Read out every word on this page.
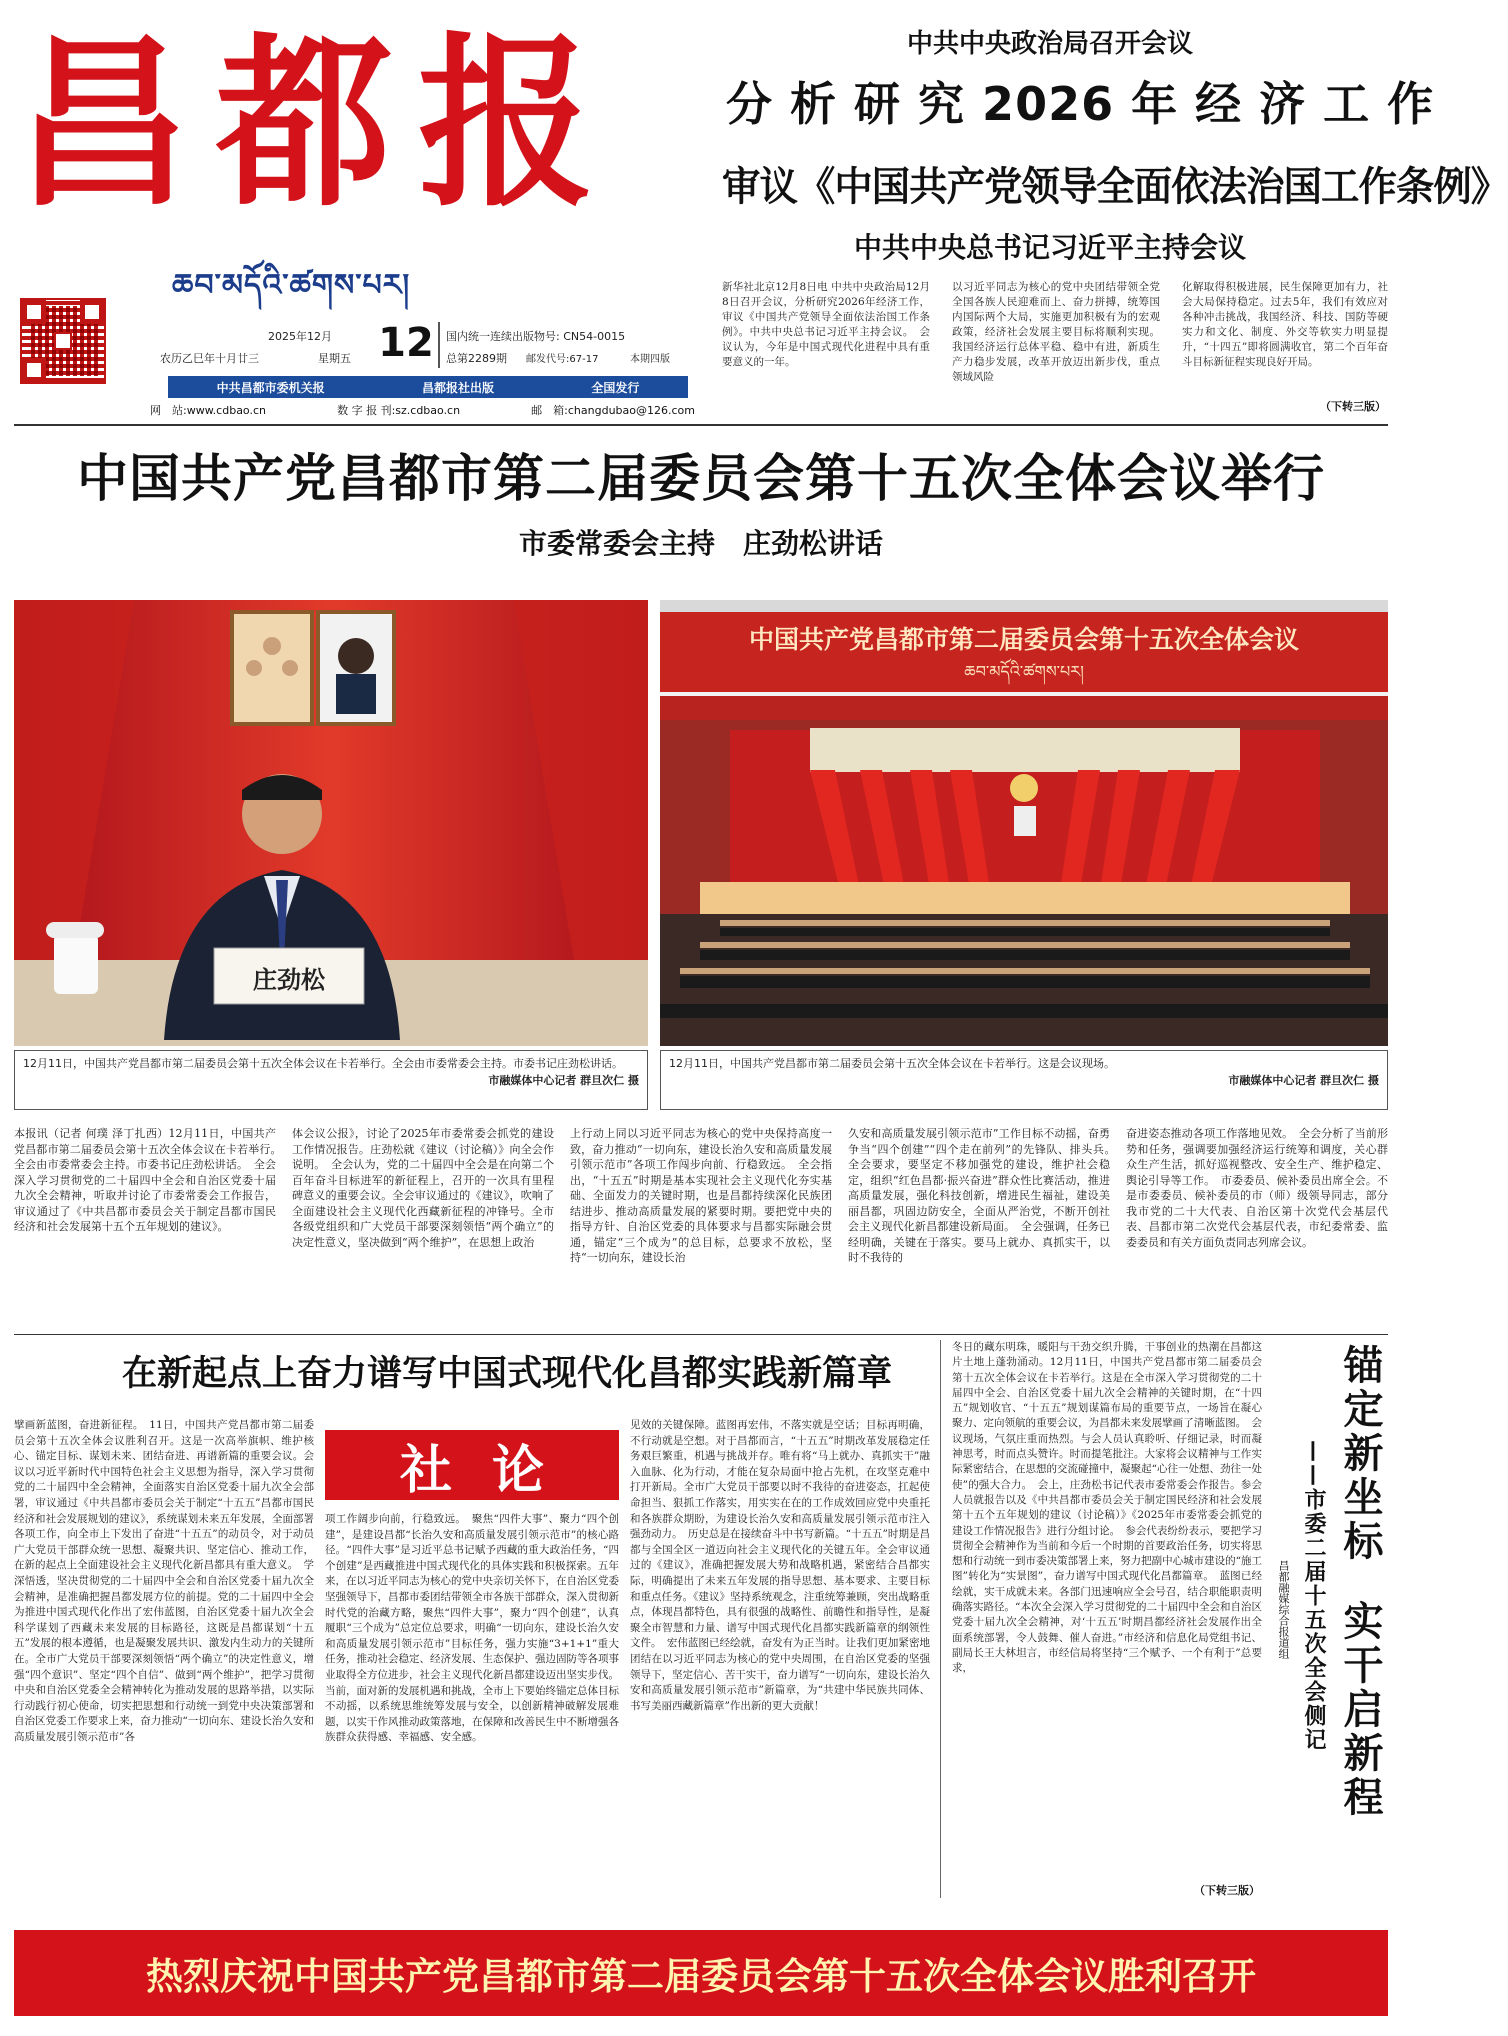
昌都报
ཆབ་མདོའི་ཚགས་པར།
2025年12月
农历乙巳年十月廿三	星期五 12 国内统一连续出版物号: CN54-0015
总第2289期	邮发代号:67-17	本期四版
中共昌都市委机关报	昌都报社出版	全国发行
网　站:www.cdbao.cn	数 字 报 刊:sz.cdbao.cn	邮　箱:changdubao@126.com
中共中央政治局召开会议
分 析 研 究 2026 年 经 济 工 作
审议《中国共产党领导全面依法治国工作条例》
中共中央总书记习近平主持会议
新华社北京12月8日电 中共中央政治局12月8日召开会议，分析研究2026年经济工作，审议《中国共产党领导全面依法治国工作条例》。中共中央总书记习近平主持会议。　会议认为，今年是中国式现代化进程中具有重要意义的一年。
以习近平同志为核心的党中央团结带领全党全国各族人民迎难而上、奋力拼搏，统筹国内国际两个大局，实施更加积极有为的宏观政策，经济社会发展主要目标将顺利实现。我国经济运行总体平稳、稳中有进，新质生产力稳步发展，改革开放迈出新步伐，重点领域风险
化解取得积极进展，民生保障更加有力，社会大局保持稳定。过去5年，我们有效应对各种冲击挑战，我国经济、科技、国防等硬实力和文化、制度、外交等软实力明显提升，“十四五”即将圆满收官，第二个百年奋斗目标新征程实现良好开局。
（下转三版）
中国共产党昌都市第二届委员会第十五次全体会议举行
市委常委会主持　庄劲松讲话
庄劲松
12月11日，中国共产党昌都市第二届委员会第十五次全体会议在卡若举行。全会由市委常委会主持。市委书记庄劲松讲话。
市融媒体中心记者 群旦次仁 摄
中国共产党昌都市第二届委员会第十五次全体会议
ཆབ་མདོའི་ཚགས་པར།
12月11日，中国共产党昌都市第二届委员会第十五次全体会议在卡若举行。这是会议现场。
市融媒体中心记者 群旦次仁 摄
本报讯（记者 何璞 泽丁扎西）12月11日，中国共产党昌都市第二届委员会第十五次全体会议在卡若举行。　全会由市委常委会主持。市委书记庄劲松讲话。　全会深入学习贯彻党的二十届四中全会和自治区党委十届九次全会精神，听取并讨论了市委常委会工作报告，审议通过了《中共昌都市委员会关于制定昌都市国民经济和社会发展第十五个五年规划的建议》。
体会议公报》，讨论了2025年市委常委会抓党的建设工作情况报告。庄劲松就《建议（讨论稿）》向全会作说明。　全会认为，党的二十届四中全会是在向第二个百年奋斗目标进军的新征程上，召开的一次具有里程碑意义的重要会议。全会审议通过的《建议》，吹响了全面建设社会主义现代化西藏新征程的冲锋号。全市各级党组织和广大党员干部要深刻领悟“两个确立”的决定性意义，坚决做到“两个维护”，在思想上政治
上行动上同以习近平同志为核心的党中央保持高度一致，奋力推动“一切向东，建设长治久安和高质量发展引领示范市”各项工作闯步向前、行稳致远。　全会指出，“十五五”时期是基本实现社会主义现代化夯实基础、全面发力的关键时期，也是昌都持续深化民族团结进步、推动高质量发展的紧要时期。要把党中央的指导方针、自治区党委的具体要求与昌都实际融会贯通，锚定“三个成为”的总目标，总要求不放松，坚持“一切向东，建设长治
久安和高质量发展引领示范市”工作目标不动摇，奋勇争当“四个创建”“四个走在前列”的先锋队、排头兵。　全会要求，要坚定不移加强党的建设，维护社会稳定，组织“红色昌都·振兴奋进”群众性比赛活动，推进高质量发展，强化科技创新，增进民生福祉，建设美丽昌都，巩固边防安全，全面从严治党，不断开创社会主义现代化新昌都建设新局面。　全会强调，任务已经明确，关键在于落实。要马上就办、真抓实干，以时不我待的
奋进姿态推动各项工作落地见效。　全会分析了当前形势和任务，强调要加强经济运行统筹和调度，关心群众生产生活，抓好巡视整改、安全生产、维护稳定、舆论引导等工作。　市委委员、候补委员出席全会。不是市委委员、候补委员的市（师）级领导同志，部分我市党的二十大代表、自治区第十次党代会基层代表、昌都市第二次党代会基层代表，市纪委常委、监委委员和有关方面负责同志列席会议。
在新起点上奋力谱写中国式现代化昌都实践新篇章
社论
擘画新蓝图，奋进新征程。　11日，中国共产党昌都市第二届委员会第十五次全体会议胜利召开。这是一次高举旗帜、维护核心、锚定目标、谋划未来、团结奋进、再谱新篇的重要会议。会议以习近平新时代中国特色社会主义思想为指导，深入学习贯彻党的二十届四中全会精神，全面落实自治区党委十届九次全会部署，审议通过《中共昌都市委员会关于制定“十五五”昌都市国民经济和社会发展规划的建议》，系统谋划未来五年发展，全面部署各项工作，向全市上下发出了奋进“十五五”的动员令，对于动员广大党员干部群众统一思想、凝聚共识、坚定信心、推动工作，在新的起点上全面建设社会主义现代化新昌都具有重大意义。　学深悟透，坚决贯彻党的二十届四中全会和自治区党委十届九次全会精神，是准确把握昌都发展方位的前提。党的二十届四中全会为推进中国式现代化作出了宏伟蓝图，自治区党委十届九次全会科学谋划了西藏未来发展的目标路径，这既是昌都谋划“十五五”发展的根本遵循，也是凝聚发展共识、激发内生动力的关键所在。全市广大党员干部要深刻领悟“两个确立”的决定性意义，增强“四个意识”、坚定“四个自信”、做到“两个维护”，把学习贯彻中央和自治区党委全会精神转化为推动发展的思路举措，以实际行动践行初心使命，切实把思想和行动统一到党中央决策部署和自治区党委工作要求上来，奋力推动“一切向东、建设长治久安和高质量发展引领示范市”各
项工作阔步向前，行稳致远。　聚焦“四件大事”、聚力“四个创建”，是建设昌都“长治久安和高质量发展引领示范市”的核心路径。“四件大事”是习近平总书记赋予西藏的重大政治任务，“四个创建”是西藏推进中国式现代化的具体实践和积极探索。五年来，在以习近平同志为核心的党中央亲切关怀下，在自治区党委坚强领导下，昌都市委团结带领全市各族干部群众，深入贯彻新时代党的治藏方略，聚焦“四件大事”，聚力“四个创建”，认真履职“三个成为”总定位总要求，明确“一切向东，建设长治久安和高质量发展引领示范市”目标任务，强力实施“3+1+1”重大任务，推动社会稳定、经济发展、生态保护、强边固防等各项事业取得全方位进步，社会主义现代化新昌都建设迈出坚实步伐。当前，面对新的发展机遇和挑战，全市上下要始终锚定总体目标不动摇，以系统思维统筹发展与安全，以创新精神破解发展难题，以实干作风推动政策落地，在保障和改善民生中不断增强各族群众获得感、幸福感、安全感。
见效的关键保障。蓝图再宏伟，不落实就是空话；目标再明确，不行动就是空想。对于昌都而言，“十五五”时期改革发展稳定任务艰巨繁重，机遇与挑战并存。唯有将“马上就办、真抓实干”融入血脉、化为行动，才能在复杂局面中抢占先机，在攻坚克难中打开新局。全市广大党员干部要以时不我待的奋进姿态，扛起使命担当、狠抓工作落实，用实实在在的工作成效回应党中央重托和各族群众期盼，为建设长治久安和高质量发展引领示范市注入强劲动力。　历史总是在接续奋斗中书写新篇。“十五五”时期是昌都与全国全区一道迈向社会主义现代化的关键五年。全会审议通过的《建议》，准确把握发展大势和战略机遇，紧密结合昌都实际，明确提出了未来五年发展的指导思想、基本要求、主要目标和重点任务。《建议》坚持系统观念，注重统筹兼顾，突出战略重点，体现昌都特色，具有很强的战略性、前瞻性和指导性，是凝聚全市智慧和力量、谱写中国式现代化昌都实践新篇章的纲领性文件。　宏伟蓝图已经绘就，奋发有为正当时。让我们更加紧密地团结在以习近平同志为核心的党中央周围，在自治区党委的坚强领导下，坚定信心、苦干实干，奋力谱写“一切向东，建设长治久安和高质量发展引领示范市”新篇章，为“共建中华民族共同体、书写美丽西藏新篇章”作出新的更大贡献！
冬日的藏东明珠，暖阳与干劲交织升腾，干事创业的热潮在昌都这片土地上蓬勃涌动。12月11日，中国共产党昌都市第二届委员会第十五次全体会议在卡若举行。这是在全市深入学习贯彻党的二十届四中全会、自治区党委十届九次全会精神的关键时期，在“十四五”规划收官、“十五五”规划谋篇布局的重要节点，一场旨在凝心聚力、定向领航的重要会议，为昌都未来发展擘画了清晰蓝图。　会议现场，气氛庄重而热烈。与会人员认真聆听、仔细记录，时而凝神思考，时而点头赞许。时而提笔批注。大家将会议精神与工作实际紧密结合，在思想的交流碰撞中，凝聚起“心往一处想、劲往一处使”的强大合力。　会上，庄劲松书记代表市委常委会作报告。参会人员就报告以及《中共昌都市委员会关于制定国民经济和社会发展第十五个五年规划的建议（讨论稿）》《2025年市委常委会抓党的建设工作情况报告》进行分组讨论。　参会代表纷纷表示，要把学习贯彻全会精神作为当前和今后一个时期的首要政治任务，切实将思想和行动统一到市委决策部署上来，努力把副中心城市建设的“施工图”转化为“实景图”，奋力谱写中国式现代化昌都篇章。　蓝图已经绘就，实干成就未来。各部门迅速响应全会号召，结合职能职责明确落实路径。“本次全会深入学习贯彻党的二十届四中全会和自治区党委十届九次全会精神，对‘十五五’时期昌都经济社会发展作出全面系统部署，令人鼓舞、催人奋进。”市经济和信息化局党组书记、副局长王大林坦言，市经信局将坚持“三个赋予、一个有利于”总要求，
（下转三版）
锚定新坐标
实干启新程
——市委二届十五次全会侧记
昌都融媒综合报道组
热烈庆祝中国共产党昌都市第二届委员会第十五次全体会议胜利召开
